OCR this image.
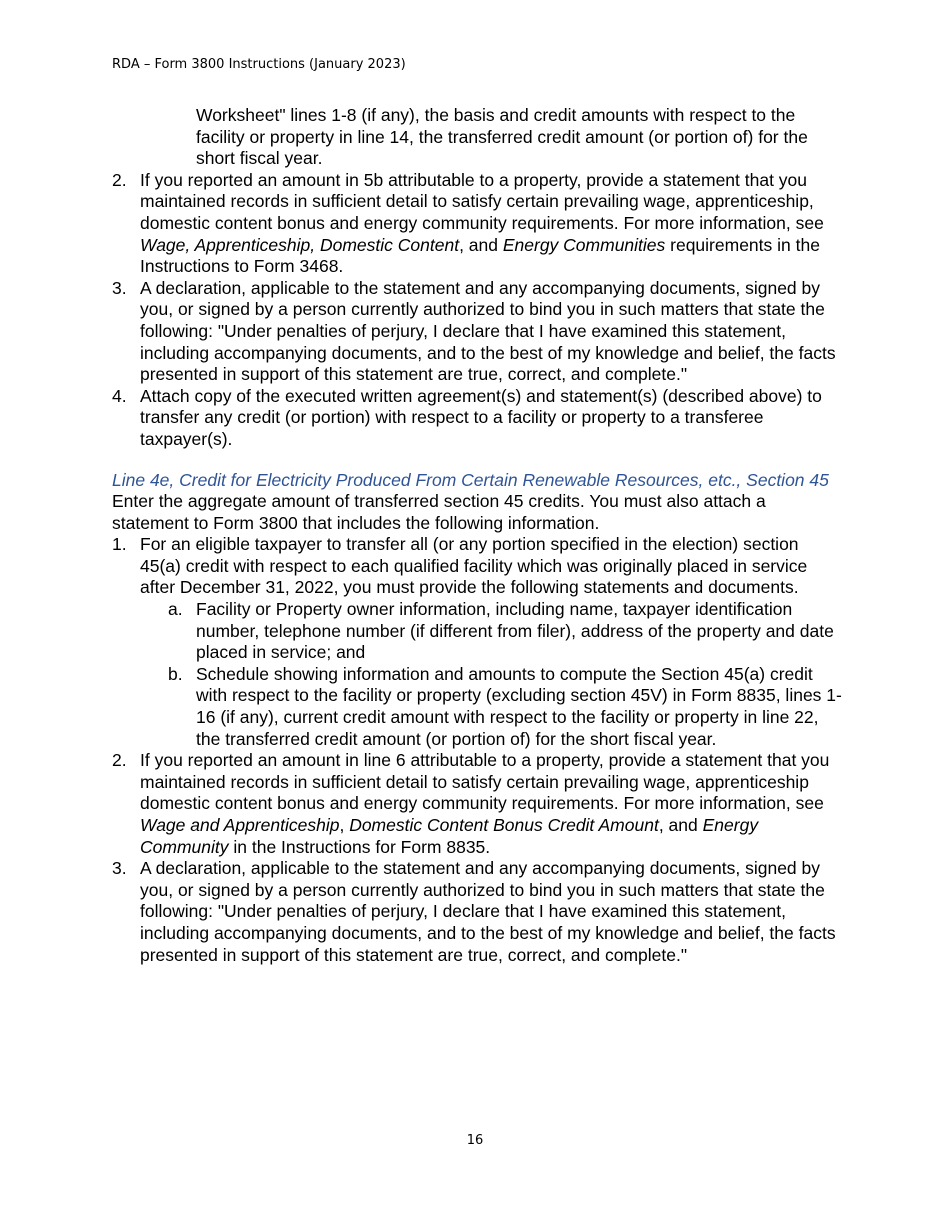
RDA – Form 3800 Instructions (January 2023)
Worksheet" lines 1-8 (if any), the basis and credit amounts with respect to the facility or property in line 14, the transferred credit amount (or portion of) for the short fiscal year.
2. If you reported an amount in 5b attributable to a property, provide a statement that you maintained records in sufficient detail to satisfy certain prevailing wage, apprenticeship, domestic content bonus and energy community requirements. For more information, see Wage, Apprenticeship, Domestic Content, and Energy Communities requirements in the Instructions to Form 3468.
3. A declaration, applicable to the statement and any accompanying documents, signed by you, or signed by a person currently authorized to bind you in such matters that state the following: "Under penalties of perjury, I declare that I have examined this statement, including accompanying documents, and to the best of my knowledge and belief, the facts presented in support of this statement are true, correct, and complete."
4. Attach copy of the executed written agreement(s) and statement(s) (described above) to transfer any credit (or portion) with respect to a facility or property to a transferee taxpayer(s).
Line 4e, Credit for Electricity Produced From Certain Renewable Resources, etc., Section 45
Enter the aggregate amount of transferred section 45 credits. You must also attach a statement to Form 3800 that includes the following information.
1. For an eligible taxpayer to transfer all (or any portion specified in the election) section 45(a) credit with respect to each qualified facility which was originally placed in service after December 31, 2022, you must provide the following statements and documents.
a. Facility or Property owner information, including name, taxpayer identification number, telephone number (if different from filer), address of the property and date placed in service; and
b. Schedule showing information and amounts to compute the Section 45(a) credit with respect to the facility or property (excluding section 45V) in Form 8835, lines 1-16 (if any), current credit amount with respect to the facility or property in line 22, the transferred credit amount (or portion of) for the short fiscal year.
2. If you reported an amount in line 6 attributable to a property, provide a statement that you maintained records in sufficient detail to satisfy certain prevailing wage, apprenticeship domestic content bonus and energy community requirements. For more information, see Wage and Apprenticeship, Domestic Content Bonus Credit Amount, and Energy Community in the Instructions for Form 8835.
3. A declaration, applicable to the statement and any accompanying documents, signed by you, or signed by a person currently authorized to bind you in such matters that state the following: "Under penalties of perjury, I declare that I have examined this statement, including accompanying documents, and to the best of my knowledge and belief, the facts presented in support of this statement are true, correct, and complete."
16
